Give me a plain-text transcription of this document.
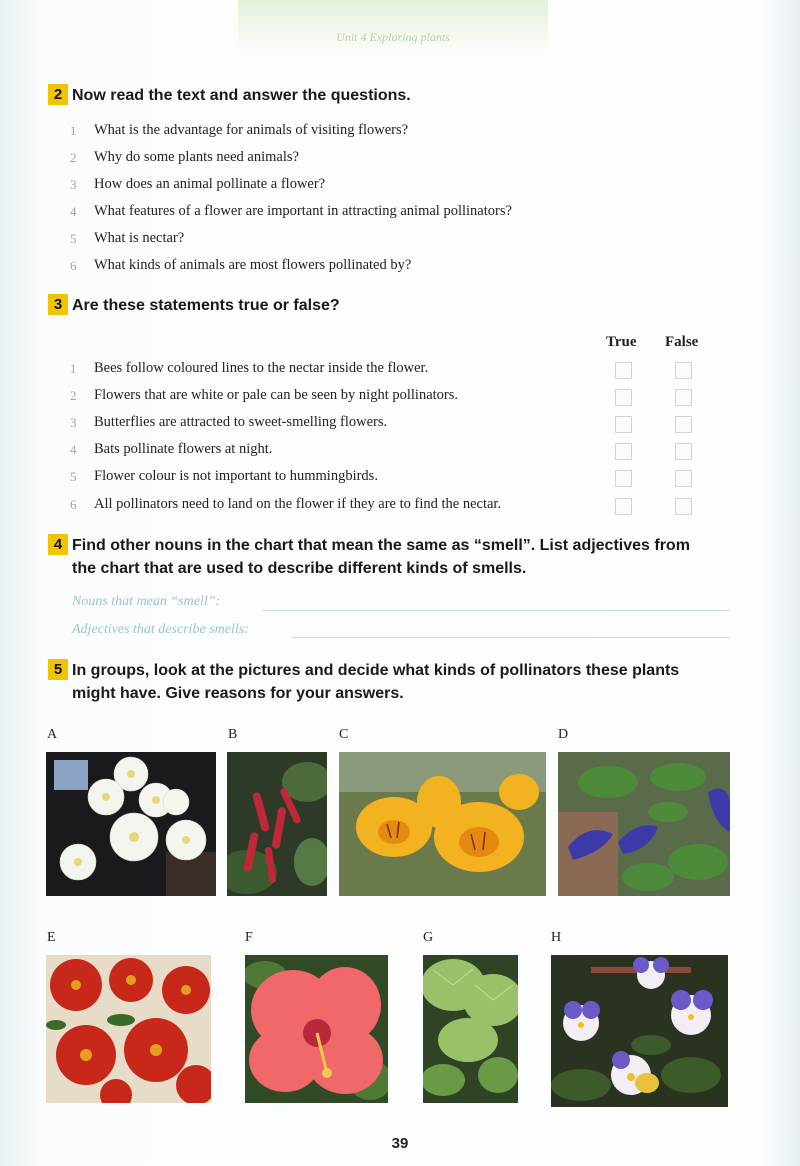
Unit 4 Exploring plants
2 Now read the text and answer the questions.
1	What is the advantage for animals of visiting flowers?
2	Why do some plants need animals?
3	How does an animal pollinate a flower?
4	What features of a flower are important in attracting animal pollinators?
5	What is nectar?
6	What kinds of animals are most flowers pollinated by?
3 Are these statements true or false?
True False
1	Bees follow coloured lines to the nectar inside the flower.
2	Flowers that are white or pale can be seen by night pollinators.
3	Butterflies are attracted to sweet-smelling flowers.
4	Bats pollinate flowers at night.
5	Flower colour is not important to hummingbirds.
6	All pollinators need to land on the flower if they are to find the nectar.
4 Find other nouns in the chart that mean the same as “smell”. List adjectives from
the chart that are used to describe different kinds of smells.
Nouns that mean “smell”:
Adjectives that describe smells:
5 In groups, look at the pictures and decide what kinds of pollinators these plants
might have. Give reasons for your answers.
A	B	C	D
E	F	G	H
39
